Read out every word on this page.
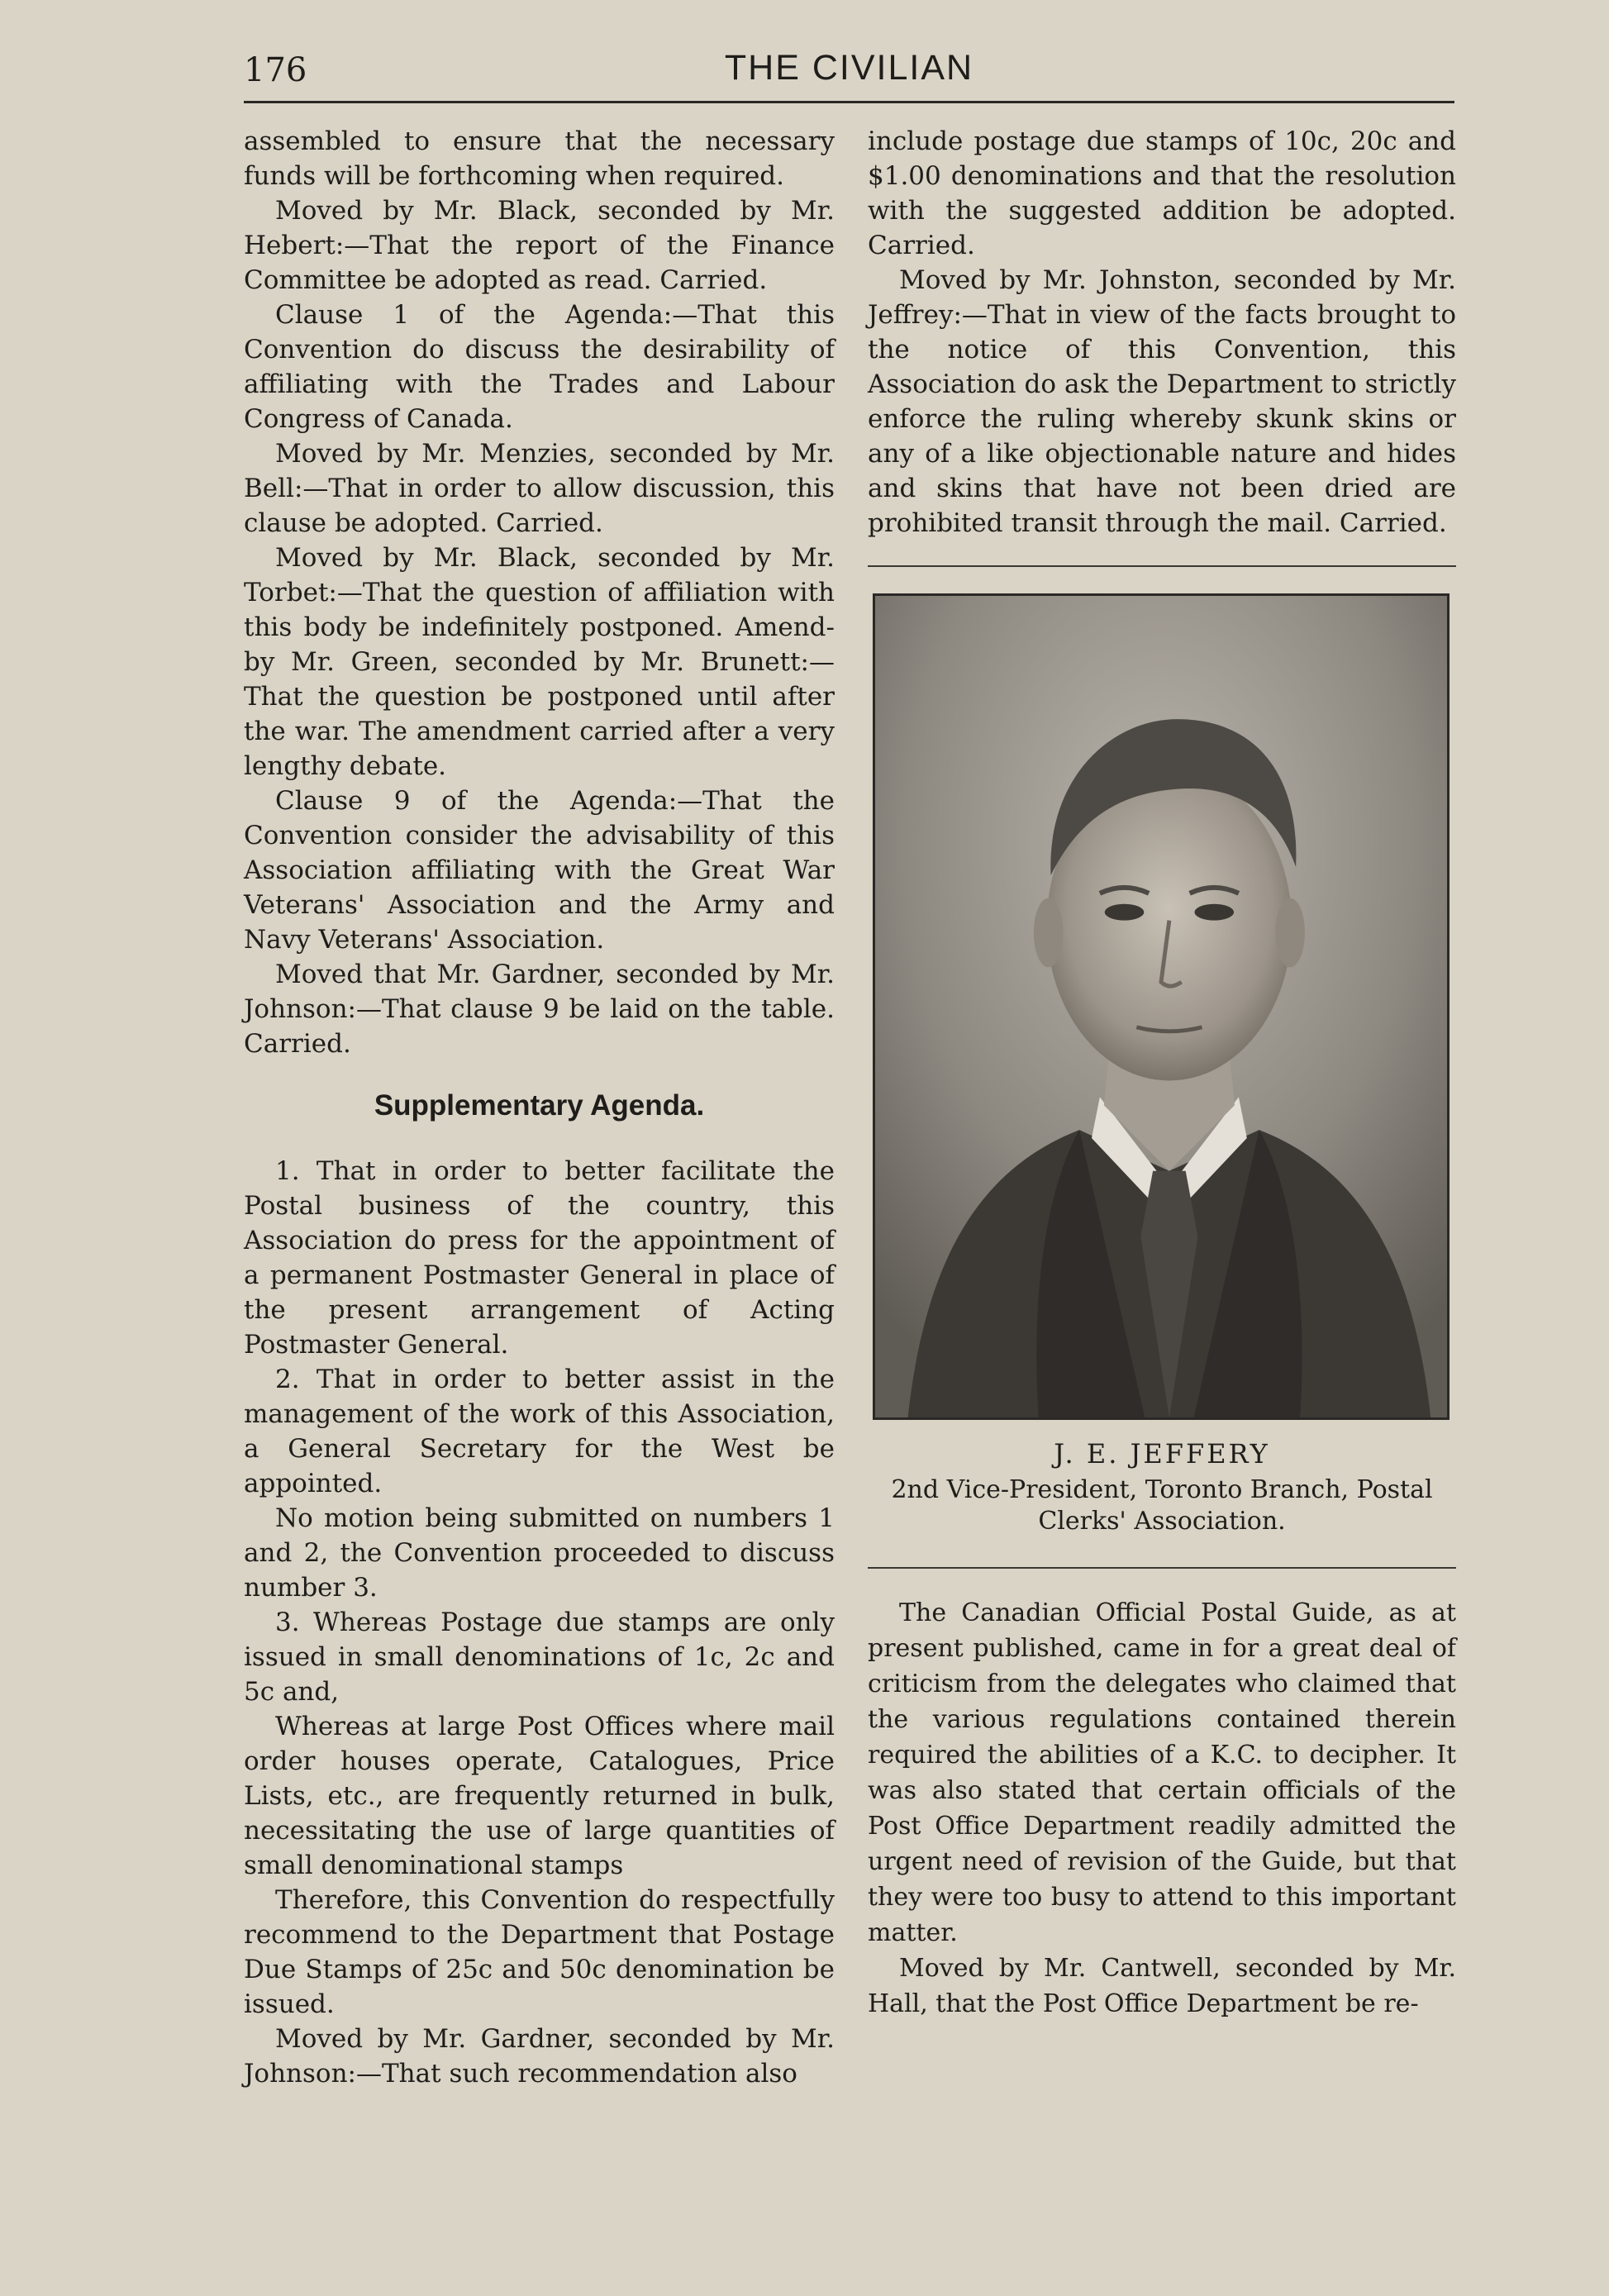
176	THE CIVILIAN

assembled to ensure that the necessary funds will be forthcoming when required.

Moved by Mr. Black, seconded by Mr. Hebert:—That the report of the Finance Committee be adopted as read. Carried.

Clause 1 of the Agenda:—That this Convention do discuss the desirability of affiliating with the Trades and Labour Congress of Canada.

Moved by Mr. Menzies, seconded by Mr. Bell:—That in order to allow discussion, this clause be adopted. Carried.

Moved by Mr. Black, seconded by Mr. Torbet:—That the question of affiliation with this body be indefinitely postponed. Amend- by Mr. Green, seconded by Mr. Brunett:— That the question be postponed until after the war. The amendment carried after a very lengthy debate.

Clause 9 of the Agenda:—That the Convention consider the advisability of this Association affiliating with the Great War Veterans' Association and the Army and Navy Veterans' Association.

Moved that Mr. Gardner, seconded by Mr. Johnson:—That clause 9 be laid on the table. Carried.

Supplementary Agenda.

1. That in order to better facilitate the Postal business of the country, this Association do press for the appointment of a permanent Postmaster General in place of the present arrangement of Acting Postmaster General.

2. That in order to better assist in the management of the work of this Association, a General Secretary for the West be appointed.

No motion being submitted on numbers 1 and 2, the Convention proceeded to discuss number 3.

3. Whereas Postage due stamps are only issued in small denominations of 1c, 2c and 5c and,

Whereas at large Post Offices where mail order houses operate, Catalogues, Price Lists, etc., are frequently returned in bulk, necessitating the use of large quantities of small denominational stamps

Therefore, this Convention do respectfully recommend to the Department that Postage Due Stamps of 25c and 50c denomination be issued.

Moved by Mr. Gardner, seconded by Mr. Johnson:—That such recommendation also

include postage due stamps of 10c, 20c and $1.00 denominations and that the resolution with the suggested addition be adopted. Carried.

Moved by Mr. Johnston, seconded by Mr. Jeffrey:—That in view of the facts brought to the notice of this Convention, this Association do ask the Department to strictly enforce the ruling whereby skunk skins or any of a like objectionable nature and hides and skins that have not been dried are prohibited transit through the mail. Carried.

J. E. JEFFERY
2nd Vice-President, Toronto Branch, Postal Clerks' Association.

The Canadian Official Postal Guide, as at present published, came in for a great deal of criticism from the delegates who claimed that the various regulations contained therein required the abilities of a K.C. to decipher. It was also stated that certain officials of the Post Office Department readily admitted the urgent need of revision of the Guide, but that they were too busy to attend to this important matter.

Moved by Mr. Cantwell, seconded by Mr. Hall, that the Post Office Department be re-
